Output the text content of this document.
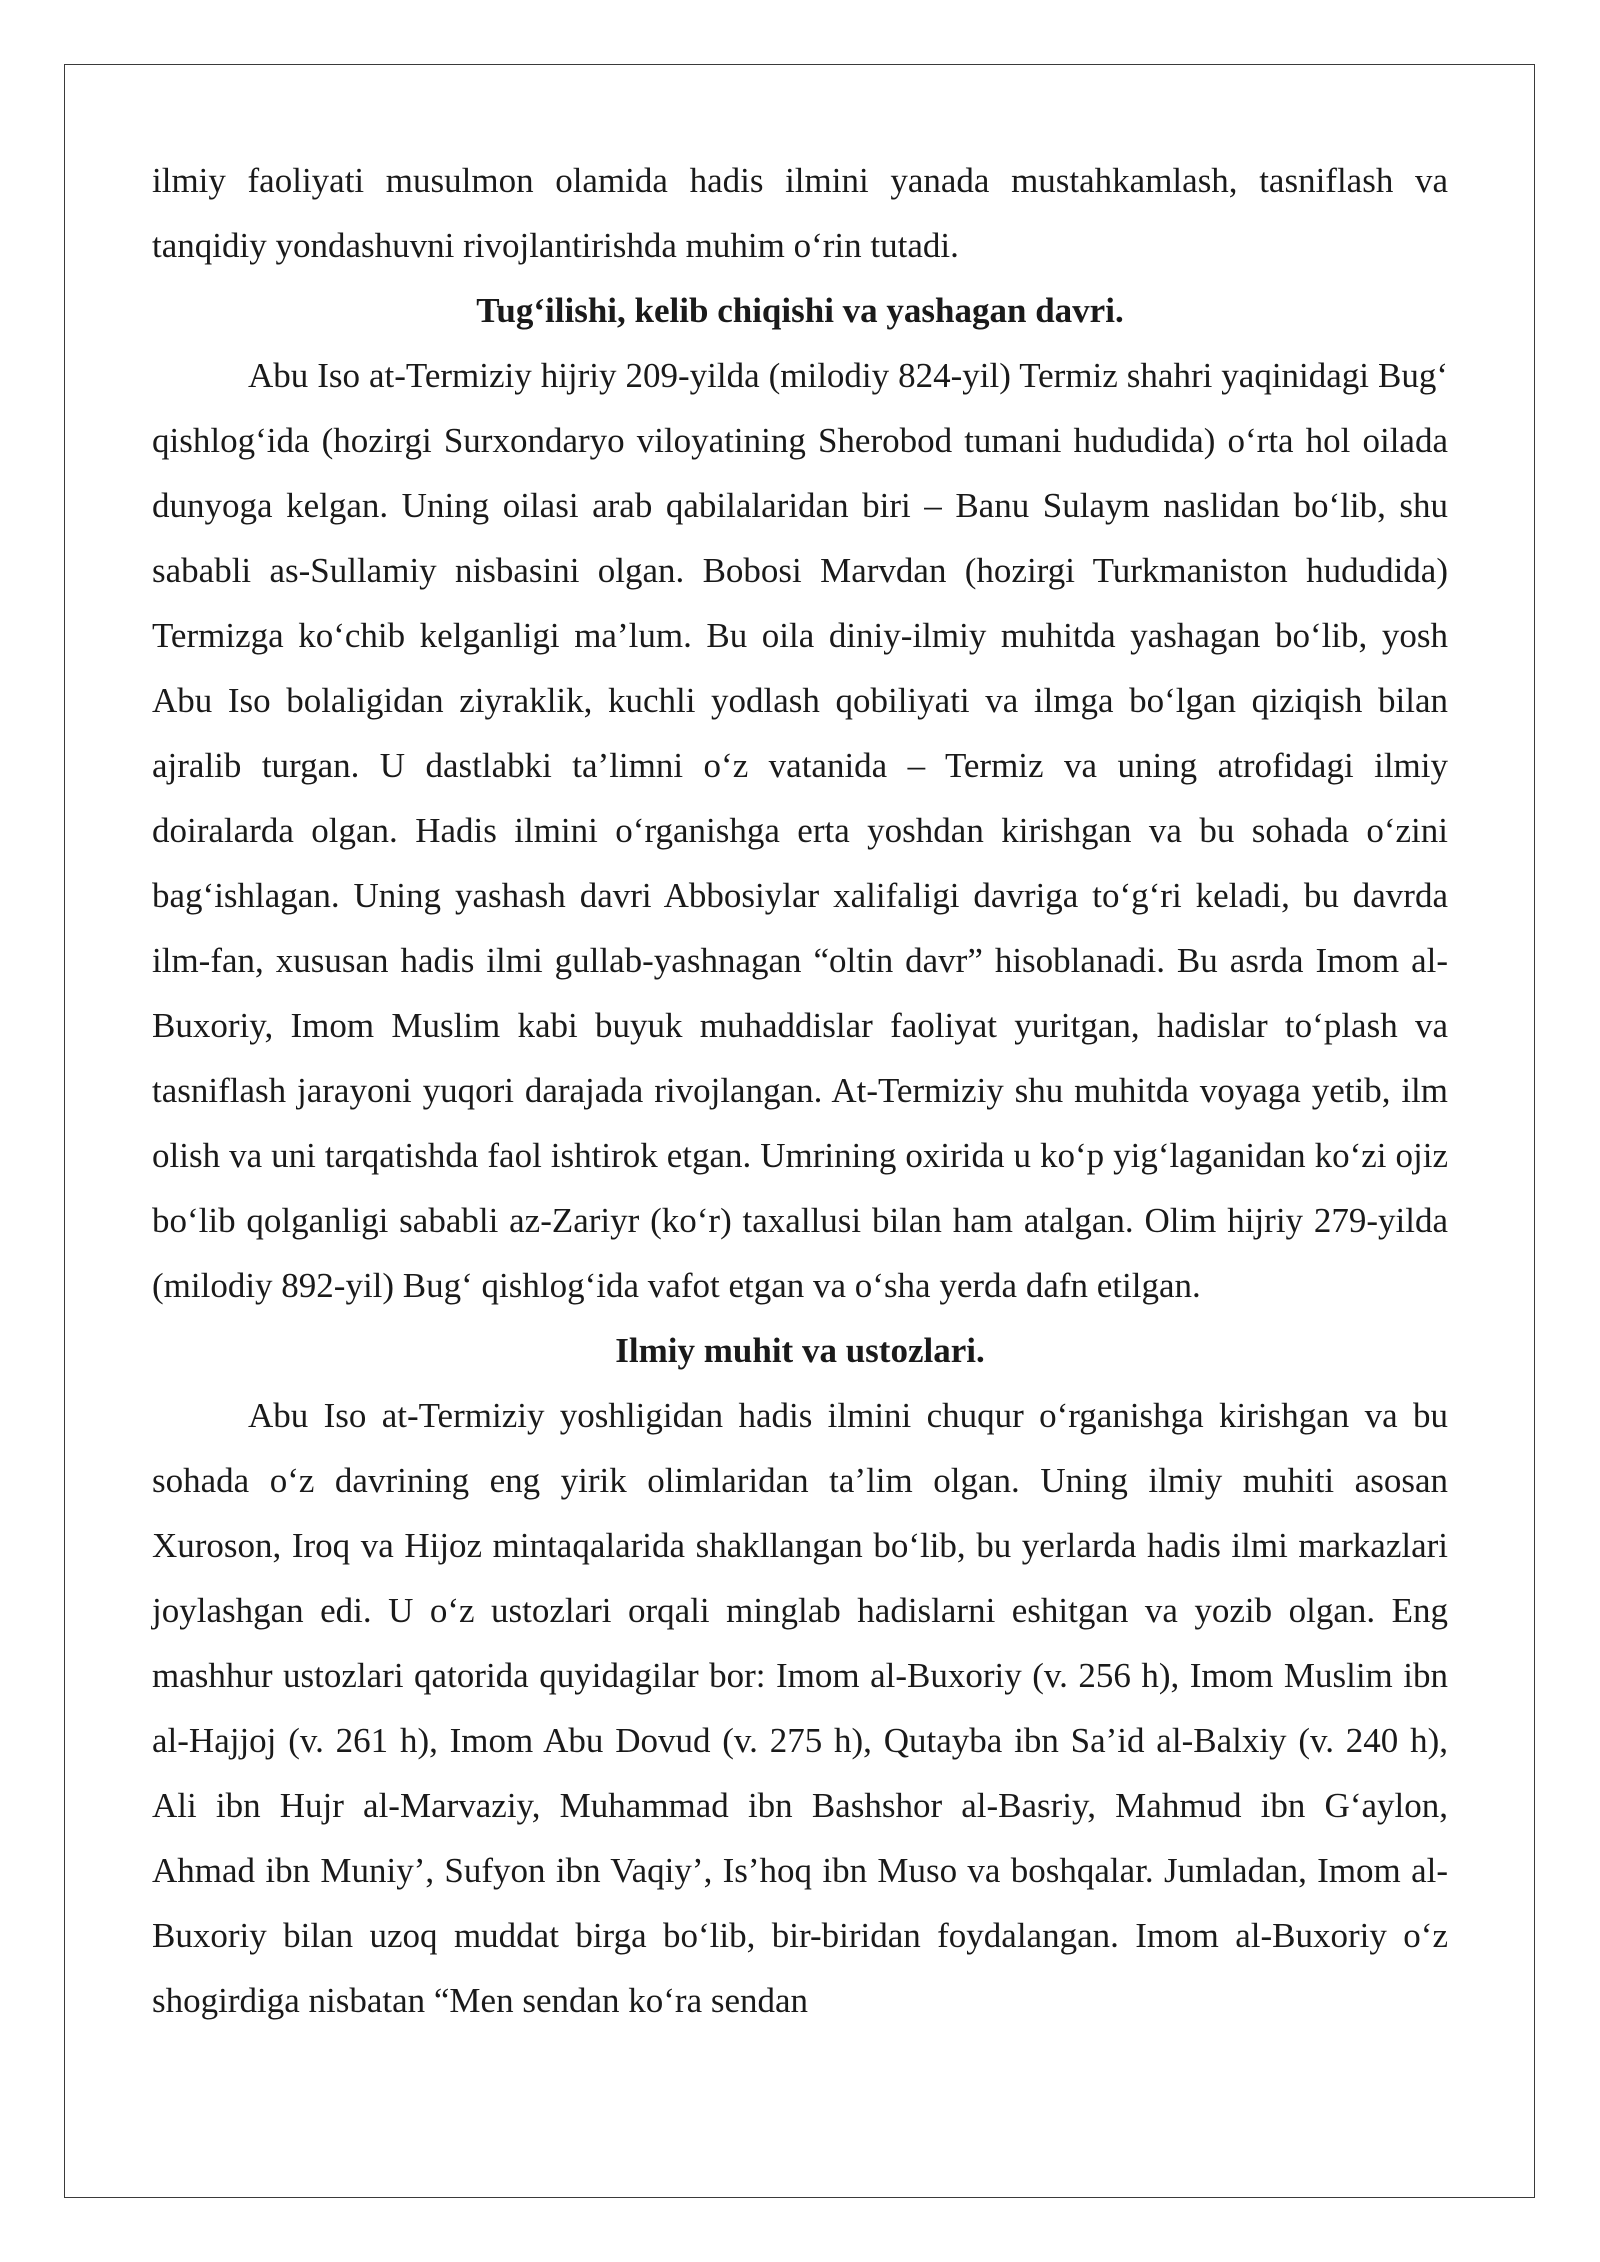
ilmiy faoliyati musulmon olamida hadis ilmini yanada mustahkamlash, tasniflash va tanqidiy yondashuvni rivojlantirishda muhim o‘rin tutadi.

Tug‘ilishi, kelib chiqishi va yashagan davri.

Abu Iso at-Termiziy hijriy 209-yilda (milodiy 824-yil) Termiz shahri yaqinidagi Bug‘ qishlog‘ida (hozirgi Surxondaryo viloyatining Sherobod tumani hududida) o‘rta hol oilada dunyoga kelgan. Uning oilasi arab qabilalaridan biri – Banu Sulaym naslidan bo‘lib, shu sababli as-Sullamiy nisbasini olgan. Bobosi Marvdan (hozirgi Turkmaniston hududida) Termizga ko‘chib kelganligi ma’lum. Bu oila diniy-ilmiy muhitda yashagan bo‘lib, yosh Abu Iso bolaligidan ziyraklik, kuchli yodlash qobiliyati va ilmga bo‘lgan qiziqish bilan ajralib turgan. U dastlabki ta’limni o‘z vatanida – Termiz va uning atrofidagi ilmiy doiralarda olgan. Hadis ilmini o‘rganishga erta yoshdan kirishgan va bu sohada o‘zini bag‘ishlagan. Uning yashash davri Abbosiylar xalifaligi davriga to‘g‘ri keladi, bu davrda ilm-fan, xususan hadis ilmi gullab-yashnagan “oltin davr” hisoblanadi. Bu asrda Imom al-Buxoriy, Imom Muslim kabi buyuk muhaddislar faoliyat yuritgan, hadislar to‘plash va tasniflash jarayoni yuqori darajada rivojlangan. At-Termiziy shu muhitda voyaga yetib, ilm olish va uni tarqatishda faol ishtirok etgan. Umrining oxirida u ko‘p yig‘laganidan ko‘zi ojiz bo‘lib qolganligi sababli az-Zariyr (ko‘r) taxallusi bilan ham atalgan. Olim hijriy 279-yilda (milodiy 892-yil) Bug‘ qishlog‘ida vafot etgan va o‘sha yerda dafn etilgan.

Ilmiy muhit va ustozlari.

Abu Iso at-Termiziy yoshligidan hadis ilmini chuqur o‘rganishga kirishgan va bu sohada o‘z davrining eng yirik olimlaridan ta’lim olgan. Uning ilmiy muhiti asosan Xuroson, Iroq va Hijoz mintaqalarida shakllangan bo‘lib, bu yerlarda hadis ilmi markazlari joylashgan edi. U o‘z ustozlari orqali minglab hadislarni eshitgan va yozib olgan. Eng mashhur ustozlari qatorida quyidagilar bor: Imom al-Buxoriy (v. 256 h), Imom Muslim ibn al-Hajjoj (v. 261 h), Imom Abu Dovud (v. 275 h), Qutayba ibn Sa’id al-Balxiy (v. 240 h), Ali ibn Hujr al-Marvaziy, Muhammad ibn Bashshor al-Basriy, Mahmud ibn G‘aylon, Ahmad ibn Muniy’, Sufyon ibn Vaqiy’, Is’hoq ibn Muso va boshqalar. Jumladan, Imom al-Buxoriy bilan uzoq muddat birga bo‘lib, bir-biridan foydalangan. Imom al-Buxoriy o‘z shogirdiga nisbatan “Men sendan ko‘ra sendan
